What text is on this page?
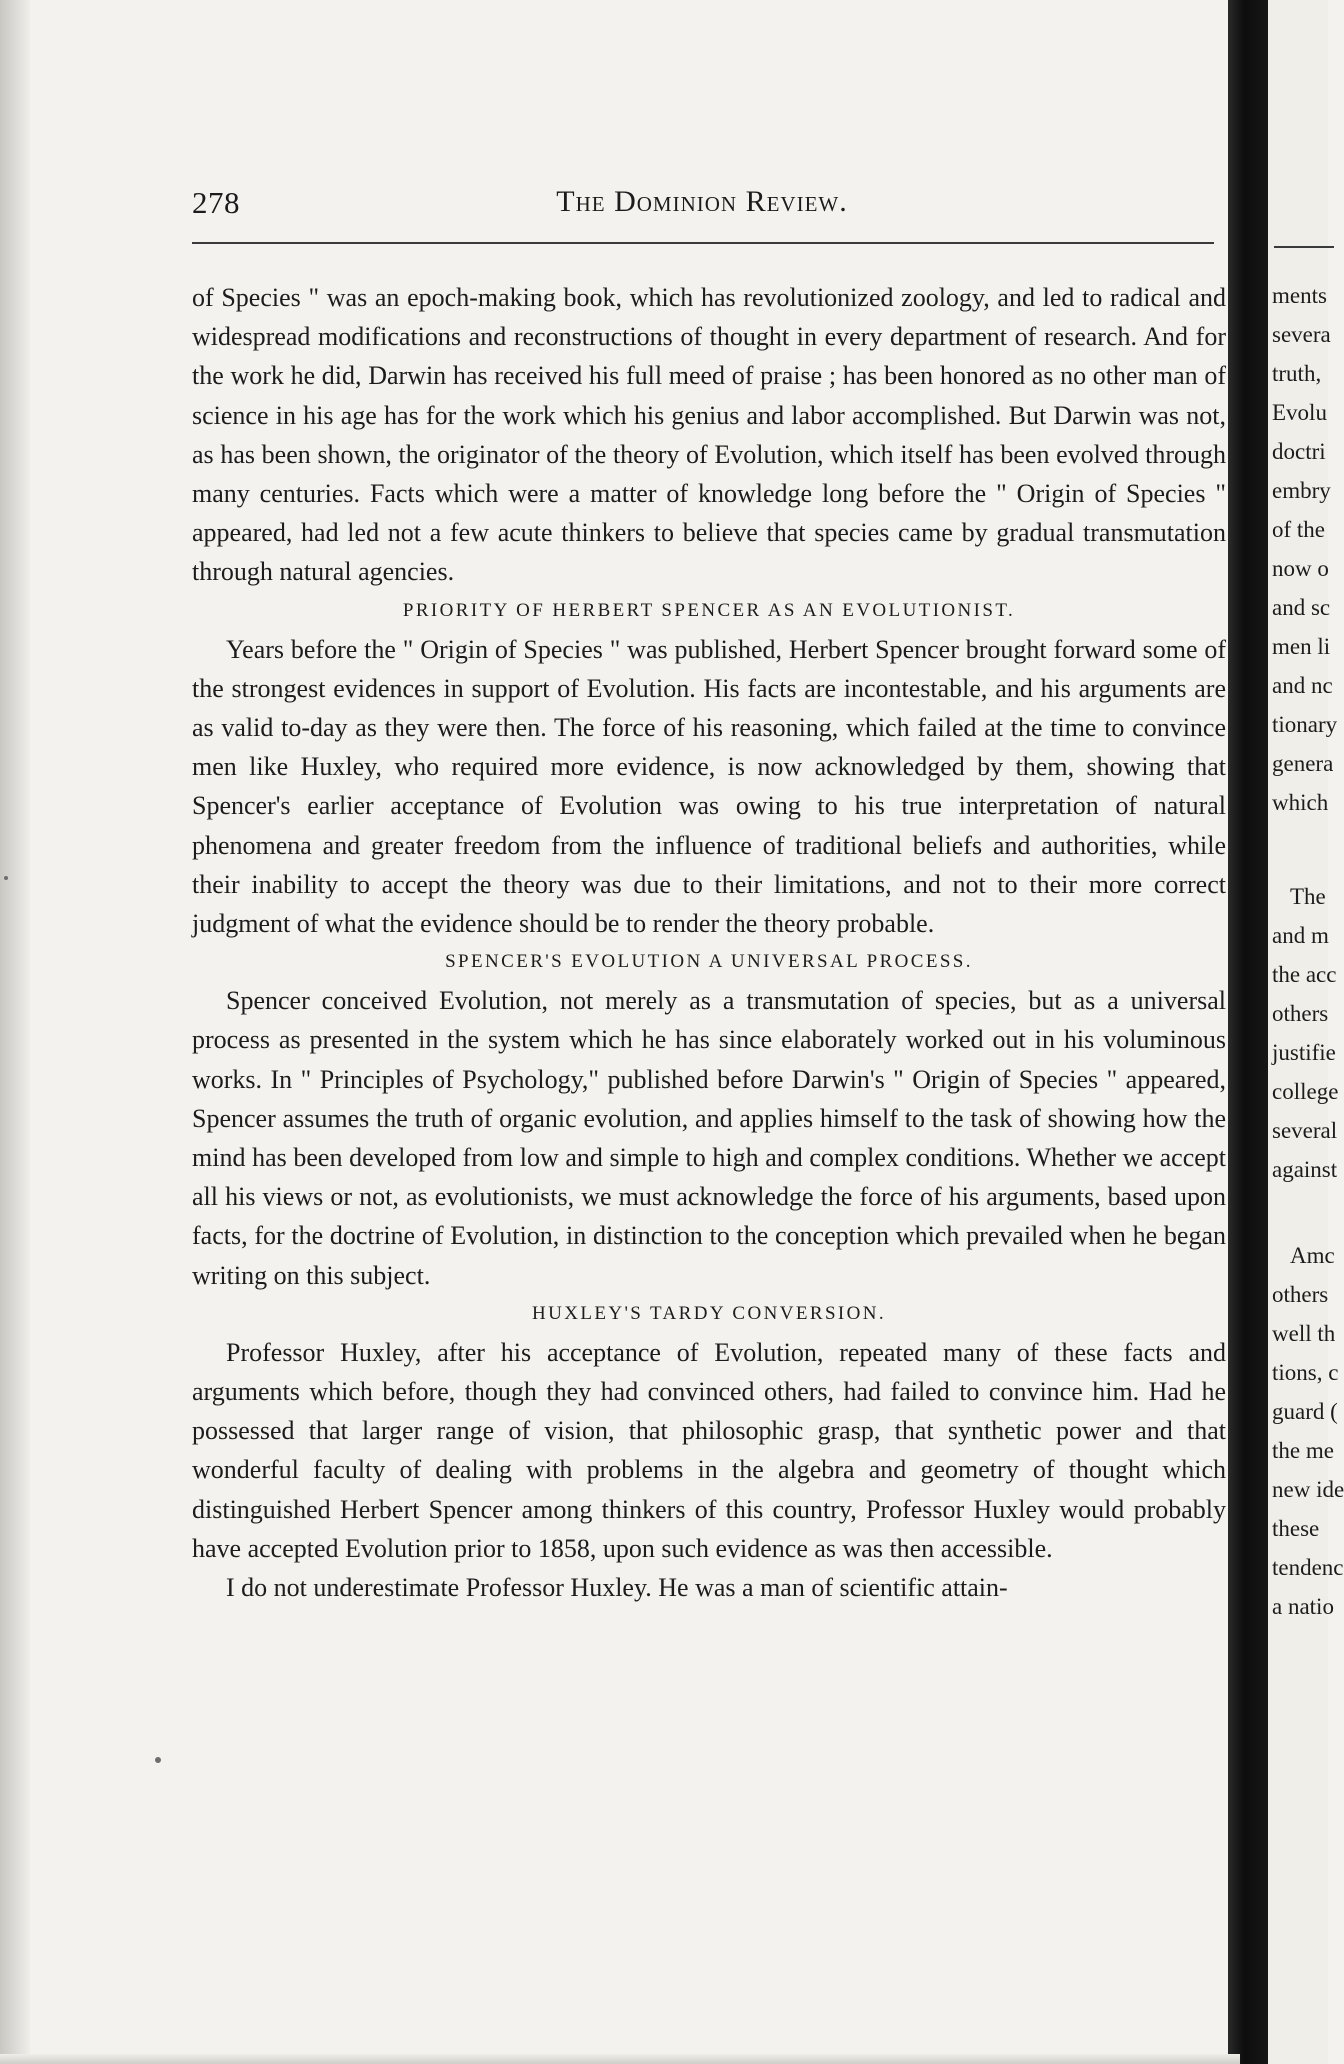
278	The Dominion Review.

of Species " was an epoch-making book, which has revolutionized zoology, and led to radical and widespread modifications and reconstructions of thought in every department of research. And for the work he did, Darwin has received his full meed of praise ; has been honored as no other man of science in his age has for the work which his genius and labor accomplished. But Darwin was not, as has been shown, the originator of the theory of Evolution, which itself has been evolved through many centuries. Facts which were a matter of knowledge long before the " Origin of Species " appeared, had led not a few acute thinkers to believe that species came by gradual transmutation through natural agencies.

PRIORITY OF HERBERT SPENCER AS AN EVOLUTIONIST.

Years before the " Origin of Species " was published, Herbert Spencer brought forward some of the strongest evidences in support of Evolution. His facts are incontestable, and his arguments are as valid to-day as they were then. The force of his reasoning, which failed at the time to convince men like Huxley, who required more evidence, is now acknowledged by them, showing that Spencer's earlier acceptance of Evolution was owing to his true interpretation of natural phenomena and greater freedom from the influence of traditional beliefs and authorities, while their inability to accept the theory was due to their limitations, and not to their more correct judgment of what the evidence should be to render the theory probable.

SPENCER'S EVOLUTION A UNIVERSAL PROCESS.

Spencer conceived Evolution, not merely as a transmutation of species, but as a universal process as presented in the system which he has since elaborately worked out in his voluminous works. In " Principles of Psychology," published before Darwin's " Origin of Species " appeared, Spencer assumes the truth of organic evolution, and applies himself to the task of showing how the mind has been developed from low and simple to high and complex conditions. Whether we accept all his views or not, as evolutionists, we must acknowledge the force of his arguments, based upon facts, for the doctrine of Evolution, in distinction to the conception which prevailed when he began writing on this subject.

HUXLEY'S TARDY CONVERSION.

Professor Huxley, after his acceptance of Evolution, repeated many of these facts and arguments which before, though they had convinced others, had failed to convince him. Had he possessed that larger range of vision, that philosophic grasp, that synthetic power and that wonderful faculty of dealing with problems in the algebra and geometry of thought which distinguished Herbert Spencer among thinkers of this country, Professor Huxley would probably have accepted Evolution prior to 1858, upon such evidence as was then accessible.

I do not underestimate Professor Huxley. He was a man of scientific attain-

ments
severa
truth,
Evolu
doctri
embry
of the
now o
and sc
men li
and nc
tionary
genera
which
The
and m
the acc
others
justifie
college
several
against
Amc
others
well th
tions, c
guard (
the me
new ide
these
tendenc
a natio
